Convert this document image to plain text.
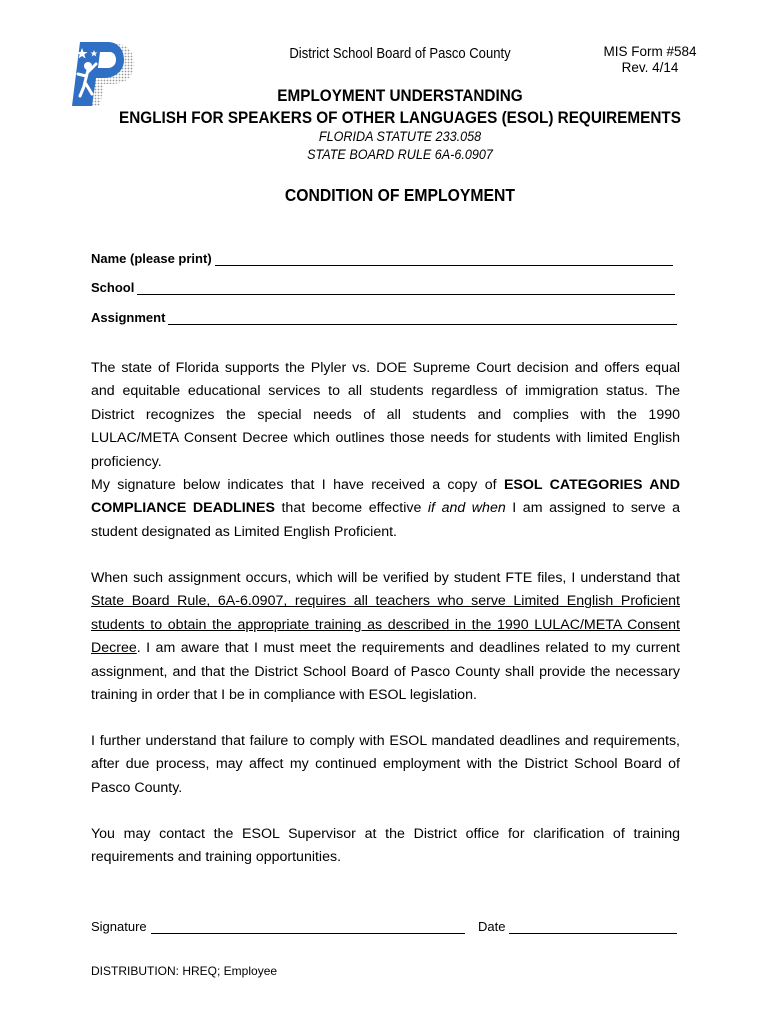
District School Board of Pasco County	MIS Form #584
Rev. 4/14
EMPLOYMENT UNDERSTANDING
ENGLISH FOR SPEAKERS OF OTHER LANGUAGES (ESOL) REQUIREMENTS
FLORIDA STATUTE 233.058
STATE BOARD RULE 6A-6.0907
CONDITION OF EMPLOYMENT
Name (please print)
School
Assignment
The state of Florida supports the Plyler vs. DOE Supreme Court decision and offers equal and equitable educational services to all students regardless of immigration status. The District recognizes the special needs of all students and complies with the 1990 LULAC/META Consent Decree which outlines those needs for students with limited English proficiency.
My signature below indicates that I have received a copy of ESOL CATEGORIES AND COMPLIANCE DEADLINES that become effective if and when I am assigned to serve a student designated as Limited English Proficient.
When such assignment occurs, which will be verified by student FTE files, I understand that State Board Rule, 6A-6.0907, requires all teachers who serve Limited English Proficient students to obtain the appropriate training as described in the 1990 LULAC/META Consent Decree. I am aware that I must meet the requirements and deadlines related to my current assignment, and that the District School Board of Pasco County shall provide the necessary training in order that I be in compliance with ESOL legislation.
I further understand that failure to comply with ESOL mandated deadlines and requirements, after due process, may affect my continued employment with the District School Board of Pasco County.
You may contact the ESOL Supervisor at the District office for clarification of training requirements and training opportunities.
Signature	Date
DISTRIBUTION: HREQ; Employee
